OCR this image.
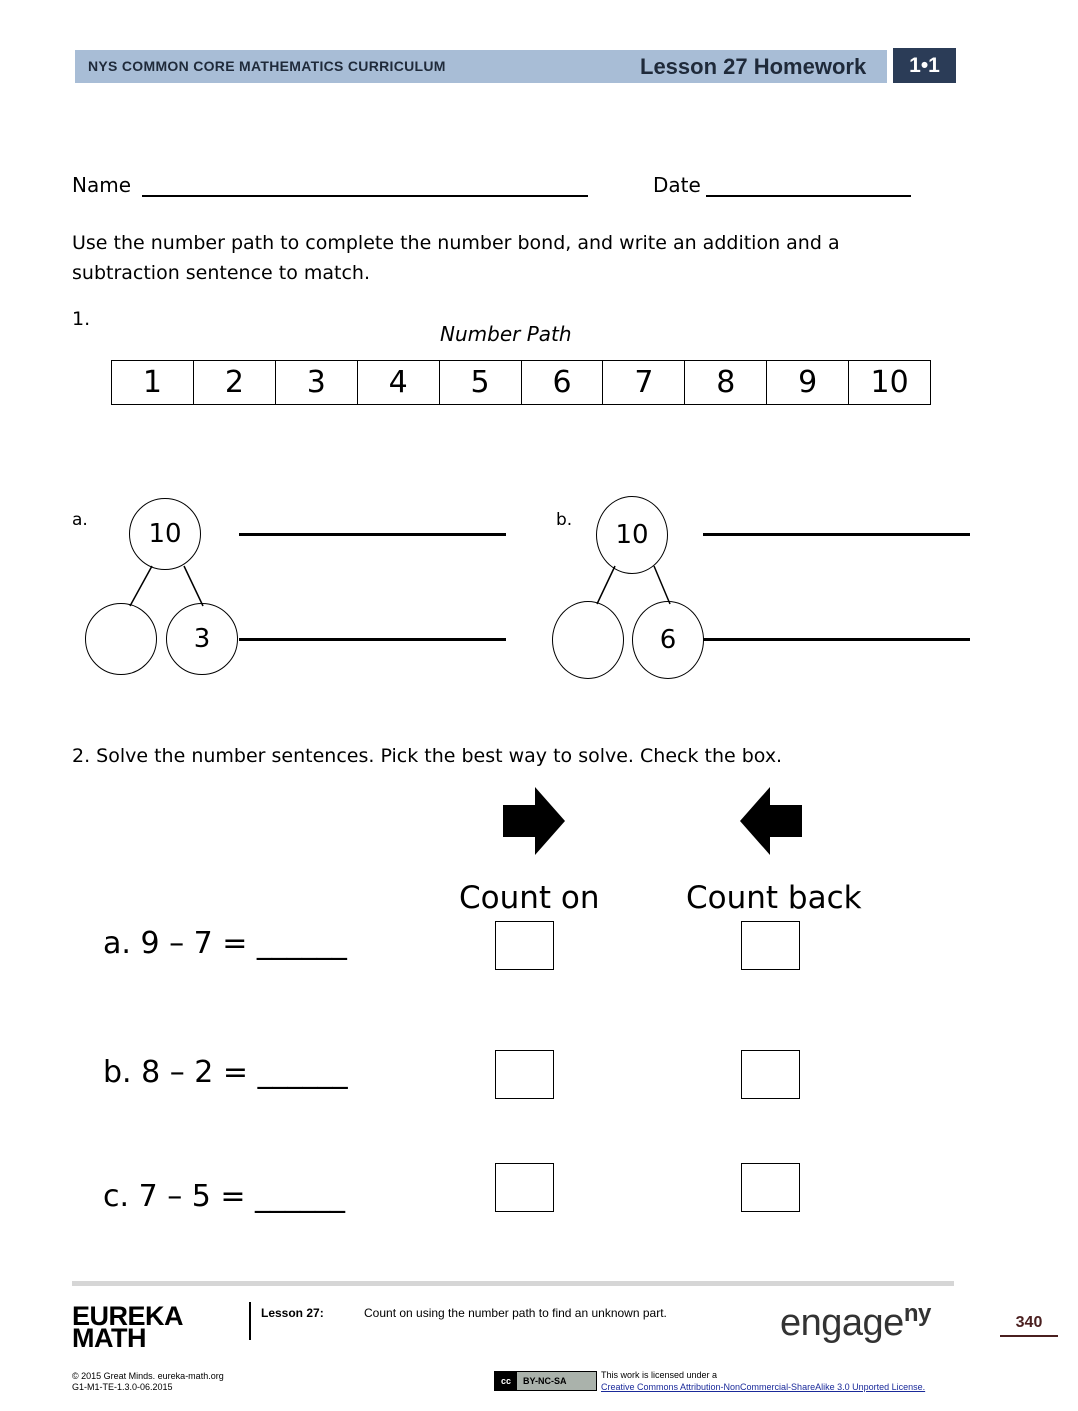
NYS COMMON CORE MATHEMATICS CURRICULUM	Lesson 27 Homework	1•1
Name	Date
Use the number path to complete the number bond, and write an addition and a subtraction sentence to match.
1.
Number Path
1	2	3	4	5	6	7	8	9	10
a.	10
3
b.	10
6
2. Solve the number sentences. Pick the best way to solve. Check the box.
Count on	Count back
a. 9 – 7 = ______
b. 8 – 2 = ______
c. 7 – 5 = ______
EUREKA
MATH
Lesson 27:	Count on using the number path to find an unknown part.	engage$^{ny}$	340
© 2015 Great Minds. eureka-math.org
G1-M1-TE-1.3.0-06.2015
cc	BY-NC-SA
This work is licensed under a
Creative Commons Attribution-NonCommercial-ShareAlike 3.0 Unported License.
